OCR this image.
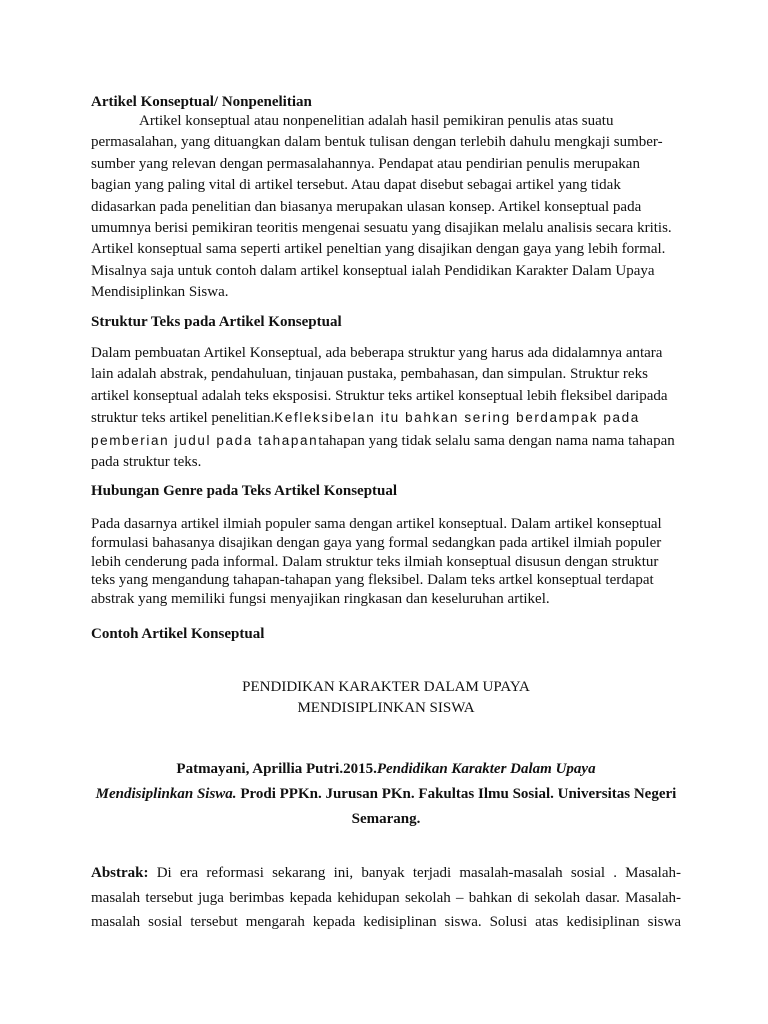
Artikel Konseptual/ Nonpenelitian
Artikel konseptual atau nonpenelitian adalah hasil pemikiran penulis atas suatu
permasalahan, yang dituangkan dalam bentuk tulisan dengan terlebih dahulu mengkaji sumber-
sumber yang relevan dengan permasalahannya. Pendapat atau pendirian penulis merupakan
bagian yang paling vital di artikel tersebut. Atau dapat disebut sebagai artikel yang tidak
didasarkan pada penelitian dan biasanya merupakan ulasan konsep. Artikel konseptual pada
umumnya berisi pemikiran teoritis mengenai sesuatu yang disajikan melalu analisis secara kritis.
Artikel konseptual sama seperti artikel peneltian yang disajikan dengan gaya yang lebih formal.
Misalnya saja untuk contoh dalam artikel konseptual ialah Pendidikan Karakter Dalam Upaya
Mendisiplinkan Siswa.
Struktur Teks pada Artikel Konseptual
Dalam pembuatan Artikel Konseptual, ada beberapa struktur yang harus ada didalamnya antara
lain adalah abstrak, pendahuluan, tinjauan pustaka, pembahasan, dan simpulan. Struktur reks
artikel konseptual adalah teks eksposisi. Struktur teks artikel konseptual lebih fleksibel daripada
struktur teks artikel penelitian.Kefleksibelan itu bahkan sering berdampak pada
pemberian judul pada tahapantahapan yang tidak selalu sama dengan nama nama tahapan
pada struktur teks.
Hubungan Genre pada Teks Artikel Konseptual
Pada dasarnya artikel ilmiah populer sama dengan artikel konseptual. Dalam artikel konseptual
formulasi bahasanya disajikan dengan gaya yang formal sedangkan pada artikel ilmiah populer
lebih cenderung pada informal. Dalam struktur teks ilmiah konseptual disusun dengan struktur
teks yang mengandung tahapan-tahapan yang fleksibel. Dalam teks artkel konseptual terdapat
abstrak yang memiliki fungsi menyajikan ringkasan dan keseluruhan artikel.
Contoh Artikel Konseptual
PENDIDIKAN KARAKTER DALAM UPAYA
MENDISIPLINKAN SISWA
Patmayani, Aprillia Putri.2015.Pendidikan Karakter Dalam Upaya
Mendisiplinkan Siswa. Prodi PPKn. Jurusan PKn. Fakultas Ilmu Sosial. Universitas Negeri
Semarang.
Abstrak: Di era reformasi sekarang ini, banyak terjadi masalah-masalah sosial . Masalah-
masalah tersebut juga berimbas kepada kehidupan sekolah – bahkan di sekolah dasar. Masalah-
masalah sosial tersebut mengarah kepada kedisiplinan siswa. Solusi atas kedisiplinan siswa
